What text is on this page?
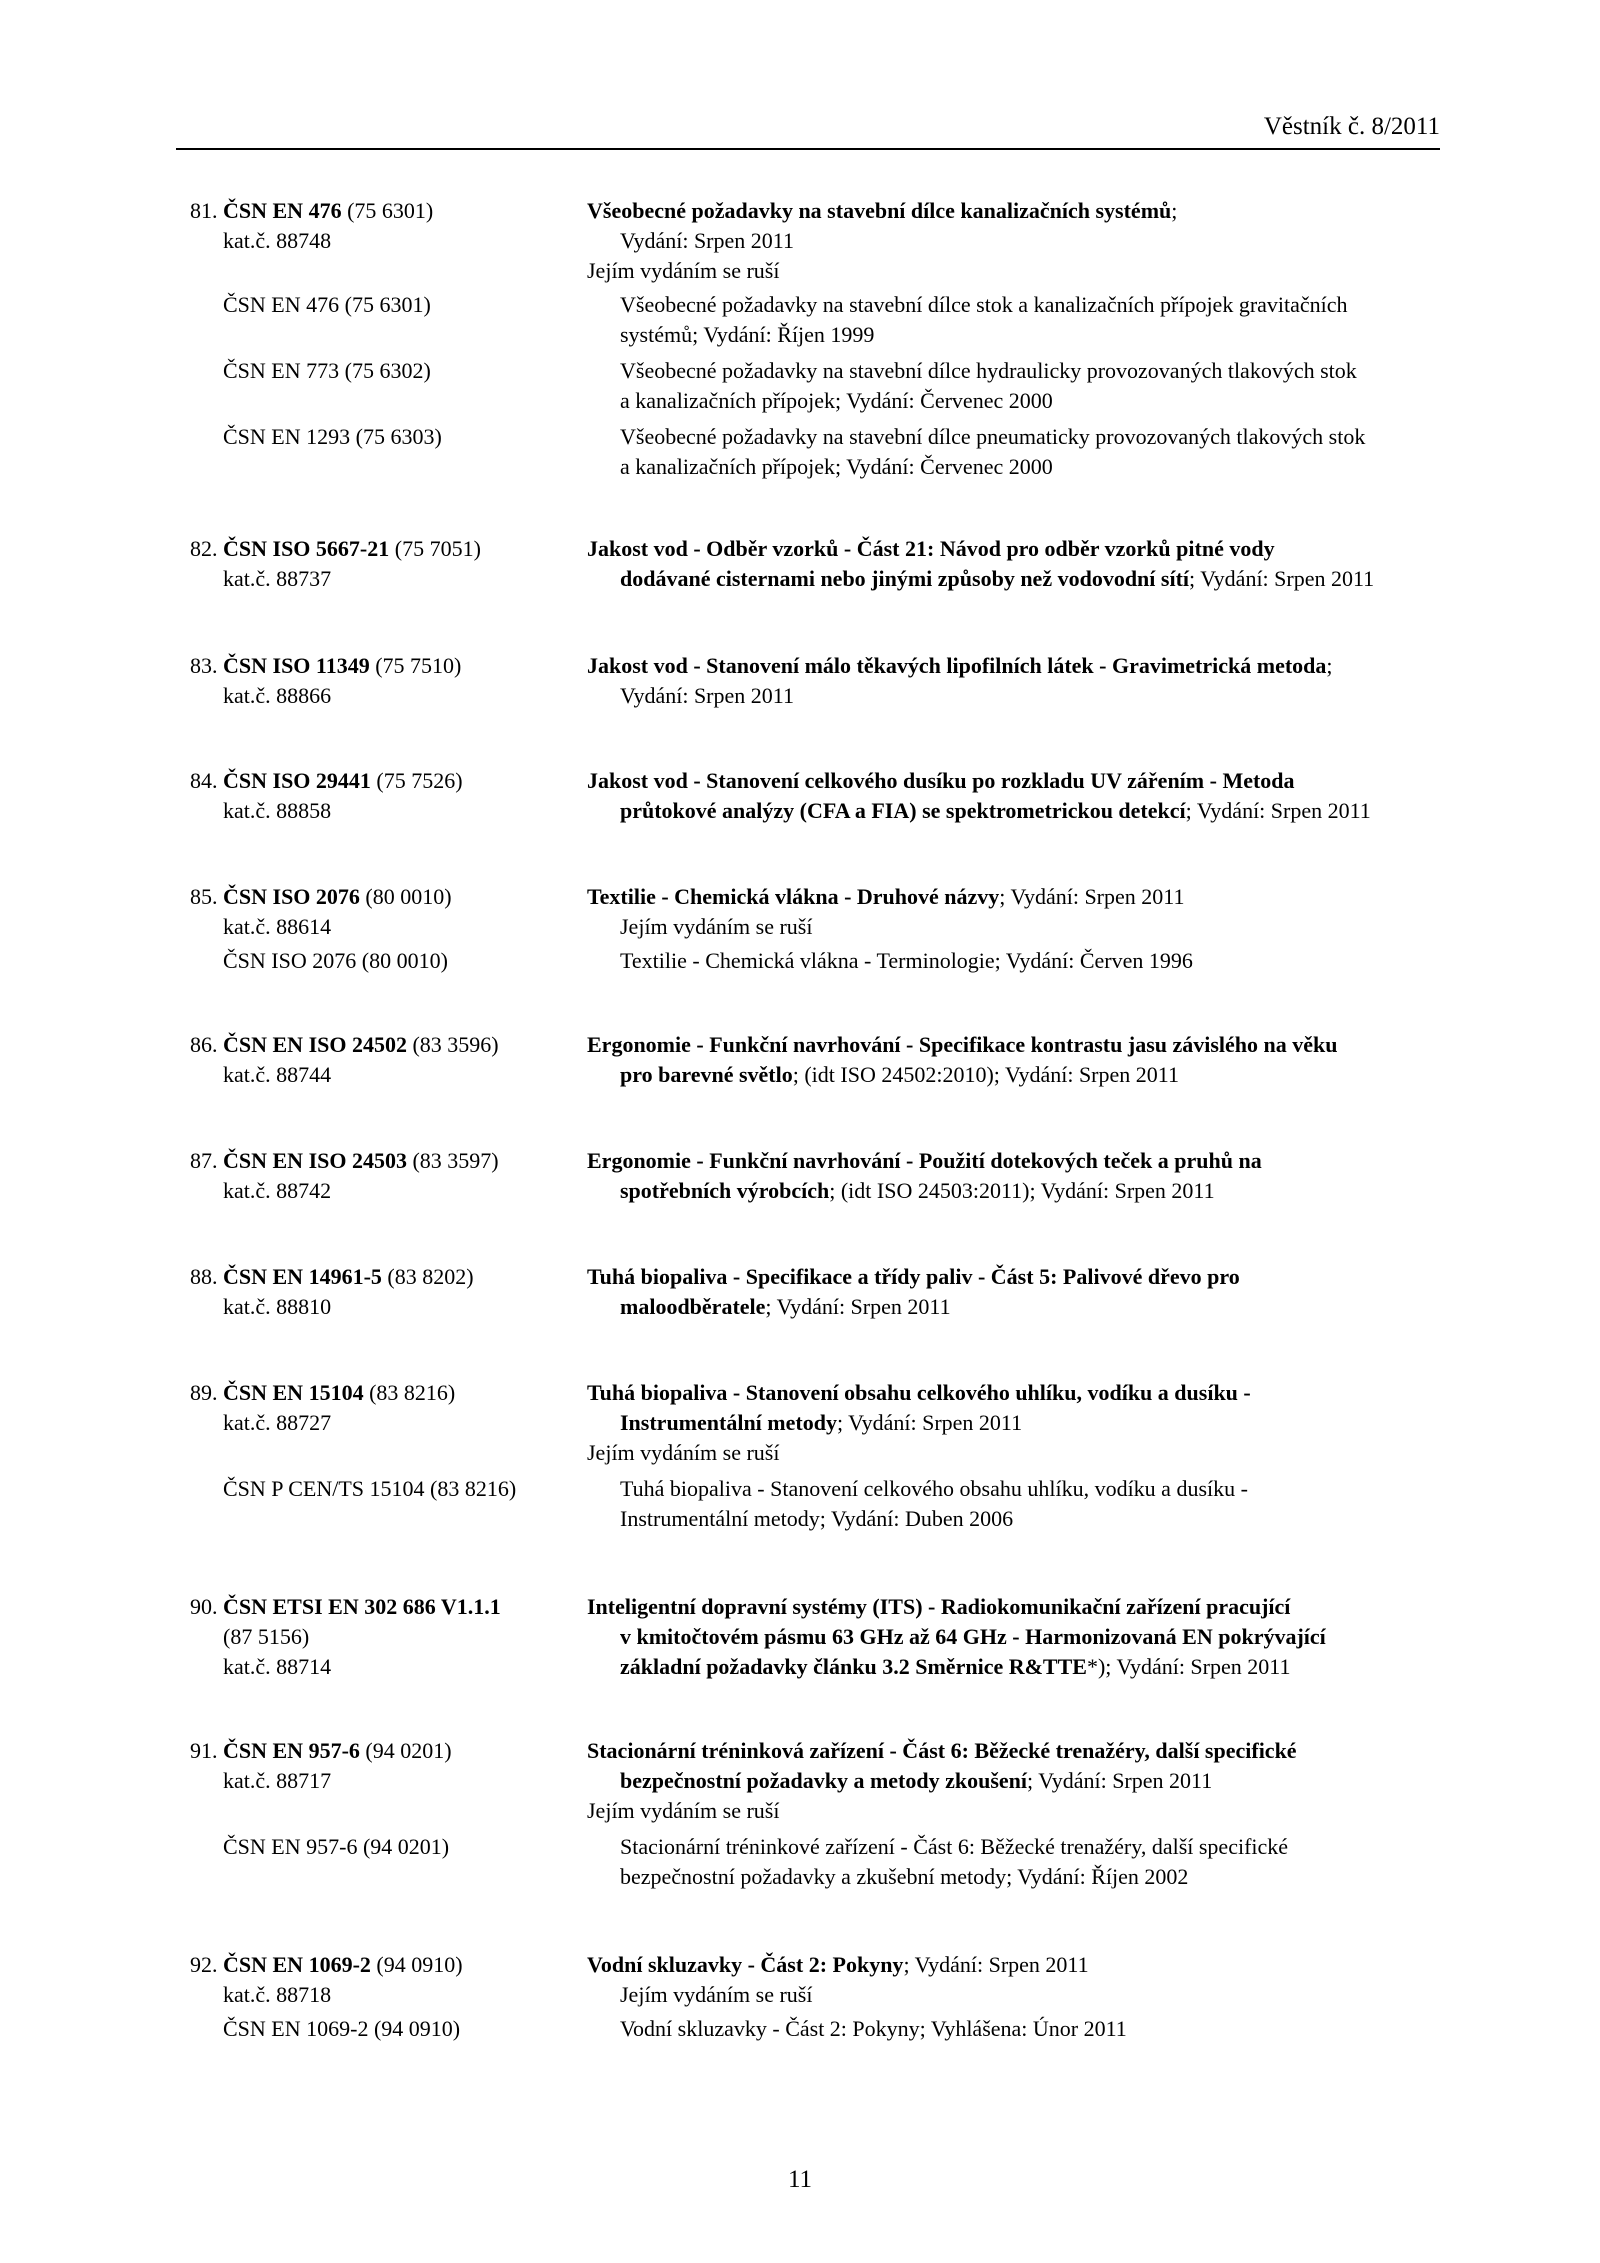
Věstník č. 8/2011
81. ČSN EN 476 (75 6301)	Všeobecné požadavky na stavební dílce kanalizačních systémů;
kat.č. 88748	Vydání: Srpen 2011
Jejím vydáním se ruší
ČSN EN 476 (75 6301)	Všeobecné požadavky na stavební dílce stok a kanalizačních přípojek gravitačních
systémů; Vydání: Říjen 1999
ČSN EN 773 (75 6302)	Všeobecné požadavky na stavební dílce hydraulicky provozovaných tlakových stok
a kanalizačních přípojek; Vydání: Červenec 2000
ČSN EN 1293 (75 6303)	Všeobecné požadavky na stavební dílce pneumaticky provozovaných tlakových stok
a kanalizačních přípojek; Vydání: Červenec 2000
82. ČSN ISO 5667-21 (75 7051)	Jakost vod - Odběr vzorků - Část 21: Návod pro odběr vzorků pitné vody
kat.č. 88737	dodávané cisternami nebo jinými způsoby než vodovodní sítí; Vydání: Srpen 2011
83. ČSN ISO 11349 (75 7510)	Jakost vod - Stanovení málo těkavých lipofilních látek - Gravimetrická metoda;
kat.č. 88866	Vydání: Srpen 2011
84. ČSN ISO 29441 (75 7526)	Jakost vod - Stanovení celkového dusíku po rozkladu UV zářením - Metoda
kat.č. 88858	průtokové analýzy (CFA a FIA) se spektrometrickou detekcí; Vydání: Srpen 2011
85. ČSN ISO 2076 (80 0010)	Textilie - Chemická vlákna - Druhové názvy; Vydání: Srpen 2011
kat.č. 88614	Jejím vydáním se ruší
ČSN ISO 2076 (80 0010)	Textilie - Chemická vlákna - Terminologie; Vydání: Červen 1996
86. ČSN EN ISO 24502 (83 3596)	Ergonomie - Funkční navrhování - Specifikace kontrastu jasu závislého na věku
kat.č. 88744	pro barevné světlo; (idt ISO 24502:2010); Vydání: Srpen 2011
87. ČSN EN ISO 24503 (83 3597)	Ergonomie - Funkční navrhování - Použití dotekových teček a pruhů na
kat.č. 88742	spotřebních výrobcích; (idt ISO 24503:2011); Vydání: Srpen 2011
88. ČSN EN 14961-5 (83 8202)	Tuhá biopaliva - Specifikace a třídy paliv - Část 5: Palivové dřevo pro
kat.č. 88810	maloodběratele; Vydání: Srpen 2011
89. ČSN EN 15104 (83 8216)	Tuhá biopaliva - Stanovení obsahu celkového uhlíku, vodíku a dusíku -
kat.č. 88727	Instrumentální metody; Vydání: Srpen 2011
Jejím vydáním se ruší
ČSN P CEN/TS 15104 (83 8216)	Tuhá biopaliva - Stanovení celkového obsahu uhlíku, vodíku a dusíku -
Instrumentální metody; Vydání: Duben 2006
90. ČSN ETSI EN 302 686 V1.1.1	Inteligentní dopravní systémy (ITS) - Radiokomunikační zařízení pracující
(87 5156)	v kmitočtovém pásmu 63 GHz až 64 GHz - Harmonizovaná EN pokrývající
kat.č. 88714	základní požadavky článku 3.2 Směrnice R&TTE*); Vydání: Srpen 2011
91. ČSN EN 957-6 (94 0201)	Stacionární tréninková zařízení - Část 6: Běžecké trenažéry, další specifické
kat.č. 88717	bezpečnostní požadavky a metody zkoušení; Vydání: Srpen 2011
Jejím vydáním se ruší
ČSN EN 957-6 (94 0201)	Stacionární tréninkové zařízení - Část 6: Běžecké trenažéry, další specifické
bezpečnostní požadavky a zkušební metody; Vydání: Říjen 2002
92. ČSN EN 1069-2 (94 0910)	Vodní skluzavky - Část 2: Pokyny; Vydání: Srpen 2011
kat.č. 88718	Jejím vydáním se ruší
ČSN EN 1069-2 (94 0910)	Vodní skluzavky - Část 2: Pokyny; Vyhlášena: Únor 2011
11
